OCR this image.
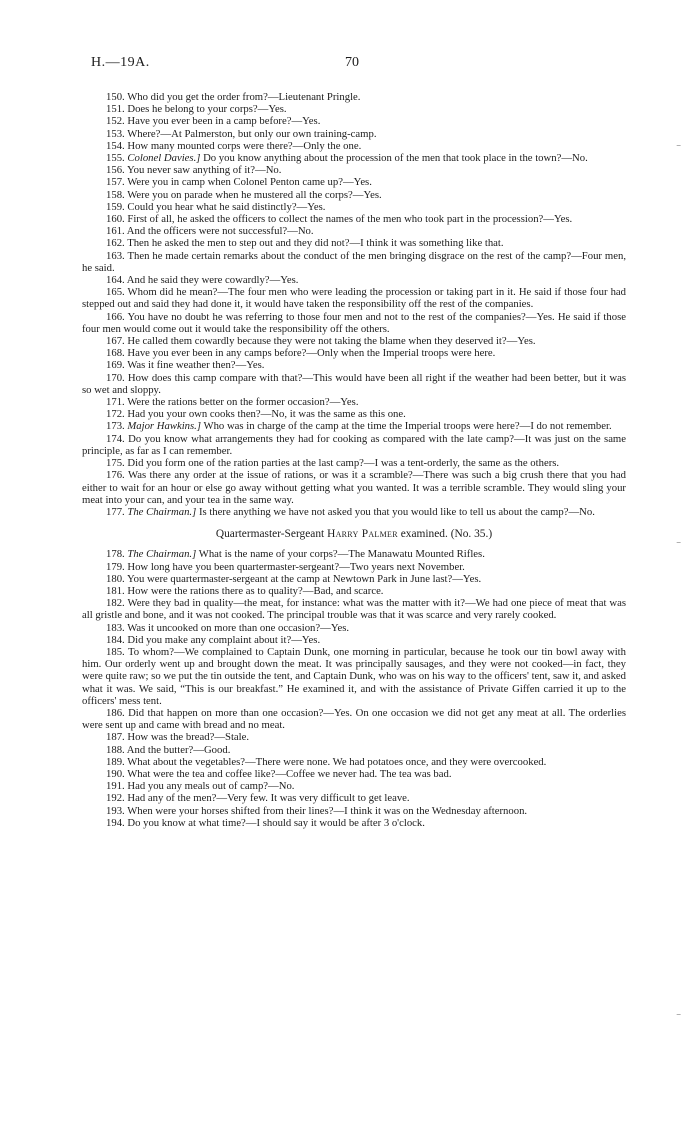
H.—19A.	70

150. Who did you get the order from?—Lieutenant Pringle.

151. Does he belong to your corps?—Yes.

152. Have you ever been in a camp before?—Yes.

153. Where?—At Palmerston, but only our own training-camp.

154. How many mounted corps were there?—Only the one.

155. Colonel Davies.] Do you know anything about the procession of the men that took place in the town?—No.

156. You never saw anything of it?—No.

157. Were you in camp when Colonel Penton came up?—Yes.

158. Were you on parade when he mustered all the corps?—Yes.

159. Could you hear what he said distinctly?—Yes.

160. First of all, he asked the officers to collect the names of the men who took part in the procession?—Yes.

161. And the officers were not successful?—No.

162. Then he asked the men to step out and they did not?—I think it was something like that.

163. Then he made certain remarks about the conduct of the men bringing disgrace on the rest of the camp?—Four men, he said.

164. And he said they were cowardly?—Yes.

165. Whom did he mean?—The four men who were leading the procession or taking part in it. He said if those four had stepped out and said they had done it, it would have taken the responsibility off the rest of the companies.

166. You have no doubt he was referring to those four men and not to the rest of the companies?—Yes. He said if those four men would come out it would take the responsibility off the others.

167. He called them cowardly because they were not taking the blame when they deserved it?—Yes.

168. Have you ever been in any camps before?—Only when the Imperial troops were here.

169. Was it fine weather then?—Yes.

170. How does this camp compare with that?—This would have been all right if the weather had been better, but it was so wet and sloppy.

171. Were the rations better on the former occasion?—Yes.

172. Had you your own cooks then?—No, it was the same as this one.

173. Major Hawkins.] Who was in charge of the camp at the time the Imperial troops were here?—I do not remember.

174. Do you know what arrangements they had for cooking as compared with the late camp?—It was just on the same principle, as far as I can remember.

175. Did you form one of the ration parties at the last camp?—I was a tent-orderly, the same as the others.

176. Was there any order at the issue of rations, or was it a scramble?—There was such a big crush there that you had either to wait for an hour or else go away without getting what you wanted. It was a terrible scramble. They would sling your meat into your can, and your tea in the same way.

177. The Chairman.] Is there anything we have not asked you that you would like to tell us about the camp?—No.

Quartermaster-Sergeant Harry Palmer examined. (No. 35.)

178. The Chairman.] What is the name of your corps?—The Manawatu Mounted Rifles.

179. How long have you been quartermaster-sergeant?—Two years next November.

180. You were quartermaster-sergeant at the camp at Newtown Park in June last?—Yes.

181. How were the rations there as to quality?—Bad, and scarce.

182. Were they bad in quality—the meat, for instance: what was the matter with it?—We had one piece of meat that was all gristle and bone, and it was not cooked. The principal trouble was that it was scarce and very rarely cooked.

183. Was it uncooked on more than one occasion?—Yes.

184. Did you make any complaint about it?—Yes.

185. To whom?—We complained to Captain Dunk, one morning in particular, because he took our tin bowl away with him. Our orderly went up and brought down the meat. It was principally sausages, and they were not cooked—in fact, they were quite raw; so we put the tin outside the tent, and Captain Dunk, who was on his way to the officers' tent, saw it, and asked what it was. We said, “This is our breakfast.” He examined it, and with the assistance of Private Giffen carried it up to the officers' mess tent.

186. Did that happen on more than one occasion?—Yes. On one occasion we did not get any meat at all. The orderlies were sent up and came with bread and no meat.

187. How was the bread?—Stale.

188. And the butter?—Good.

189. What about the vegetables?—There were none. We had potatoes once, and they were overcooked.

190. What were the tea and coffee like?—Coffee we never had. The tea was bad.

191. Had you any meals out of camp?—No.

192. Had any of the men?—Very few. It was very difficult to get leave.

193. When were your horses shifted from their lines?—I think it was on the Wednesday afternoon.

194. Do you know at what time?—I should say it would be after 3 o'clock.

⁻
⁻
⁻
